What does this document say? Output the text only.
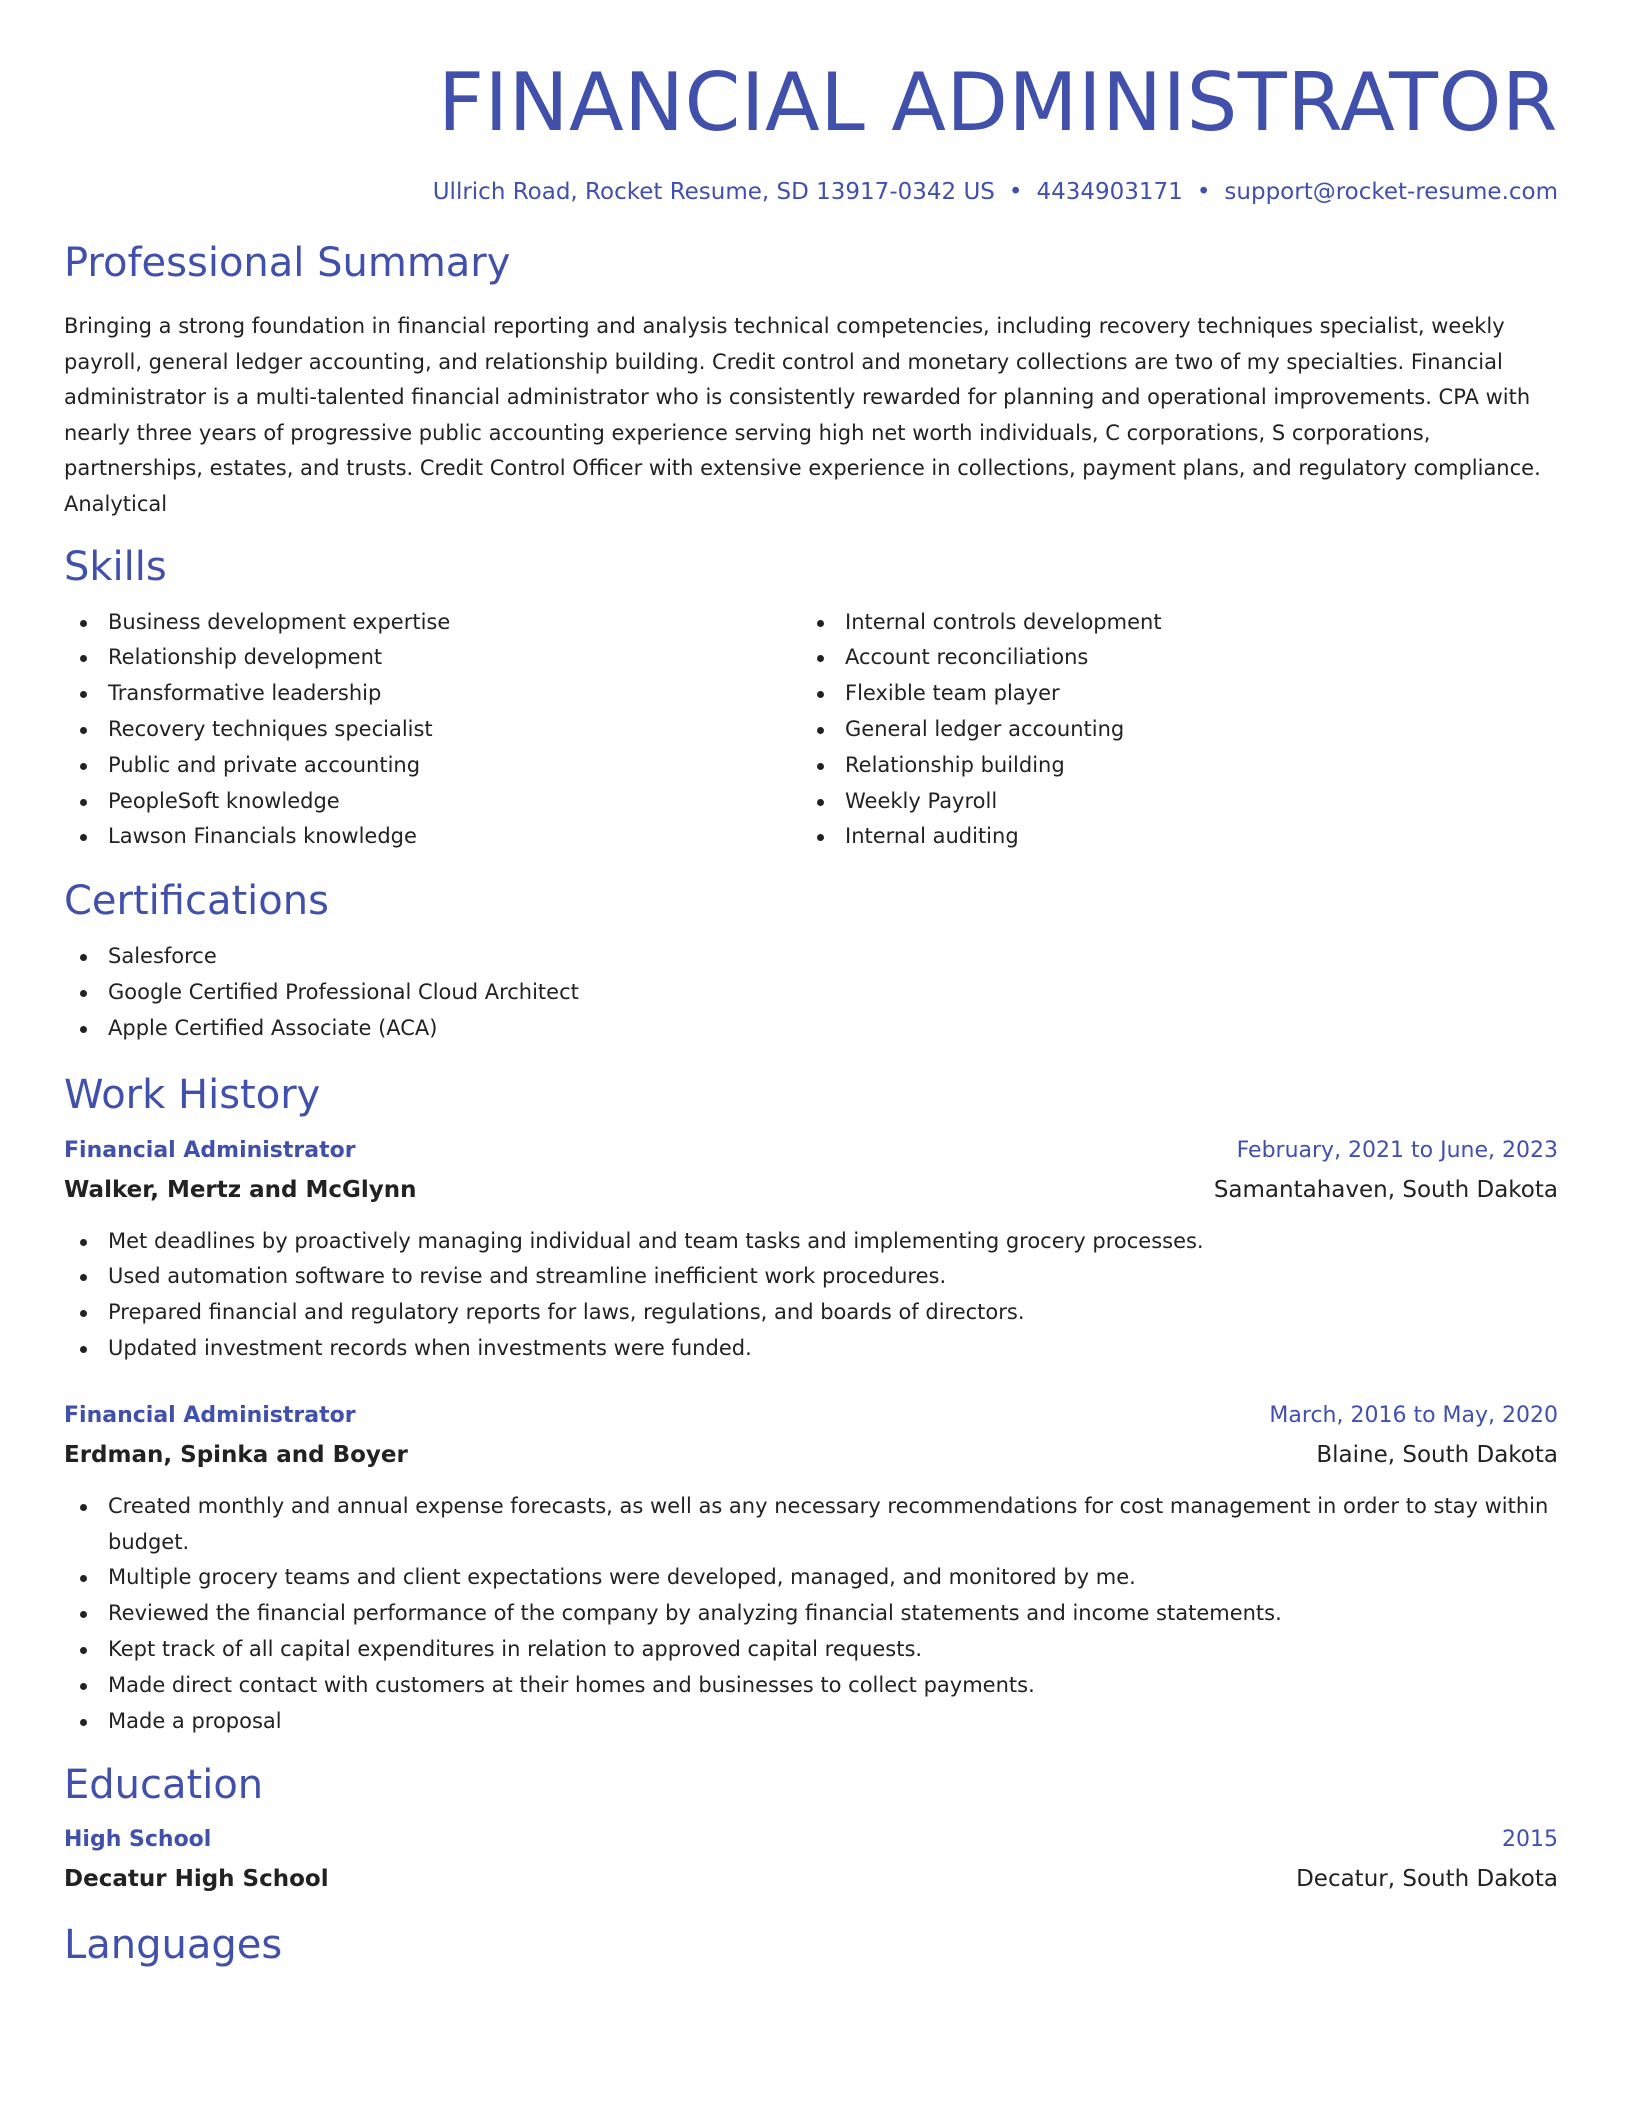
FINANCIAL ADMINISTRATOR
Ullrich Road, Rocket Resume, SD 13917-0342 US • 4434903171 • support@rocket-resume.com
Professional Summary

Bringing a strong foundation in financial reporting and analysis technical competencies, including recovery techniques specialist, weekly payroll, general ledger accounting, and relationship building. Credit control and monetary collections are two of my specialties. Financial administrator is a multi-talented financial administrator who is consistently rewarded for planning and operational improvements. CPA with nearly three years of progressive public accounting experience serving high net worth individuals, C corporations, S corporations, partnerships, estates, and trusts. Credit Control Officer with extensive experience in collections, payment plans, and regulatory compliance. Analytical

Skills
Business development expertise
Relationship development
Transformative leadership
Recovery techniques specialist
Public and private accounting
PeopleSoft knowledge
Lawson Financials knowledge
Internal controls development
Account reconciliations
Flexible team player
General ledger accounting
Relationship building
Weekly Payroll
Internal auditing
Certifications
Salesforce
Google Certified Professional Cloud Architect
Apple Certified Associate (ACA)
Work History
Financial Administrator	February, 2021 to June, 2023
Walker, Mertz and McGlynn	Samantahaven, South Dakota
Met deadlines by proactively managing individual and team tasks and implementing grocery processes.
Used automation software to revise and streamline inefficient work procedures.
Prepared financial and regulatory reports for laws, regulations, and boards of directors.
Updated investment records when investments were funded.
Financial Administrator	March, 2016 to May, 2020
Erdman, Spinka and Boyer	Blaine, South Dakota
Created monthly and annual expense forecasts, as well as any necessary recommendations for cost management in order to stay within budget.
Multiple grocery teams and client expectations were developed, managed, and monitored by me.
Reviewed the financial performance of the company by analyzing financial statements and income statements.
Kept track of all capital expenditures in relation to approved capital requests.
Made direct contact with customers at their homes and businesses to collect payments.
Made a proposal
Education
High School	2015
Decatur High School	Decatur, South Dakota
Languages
